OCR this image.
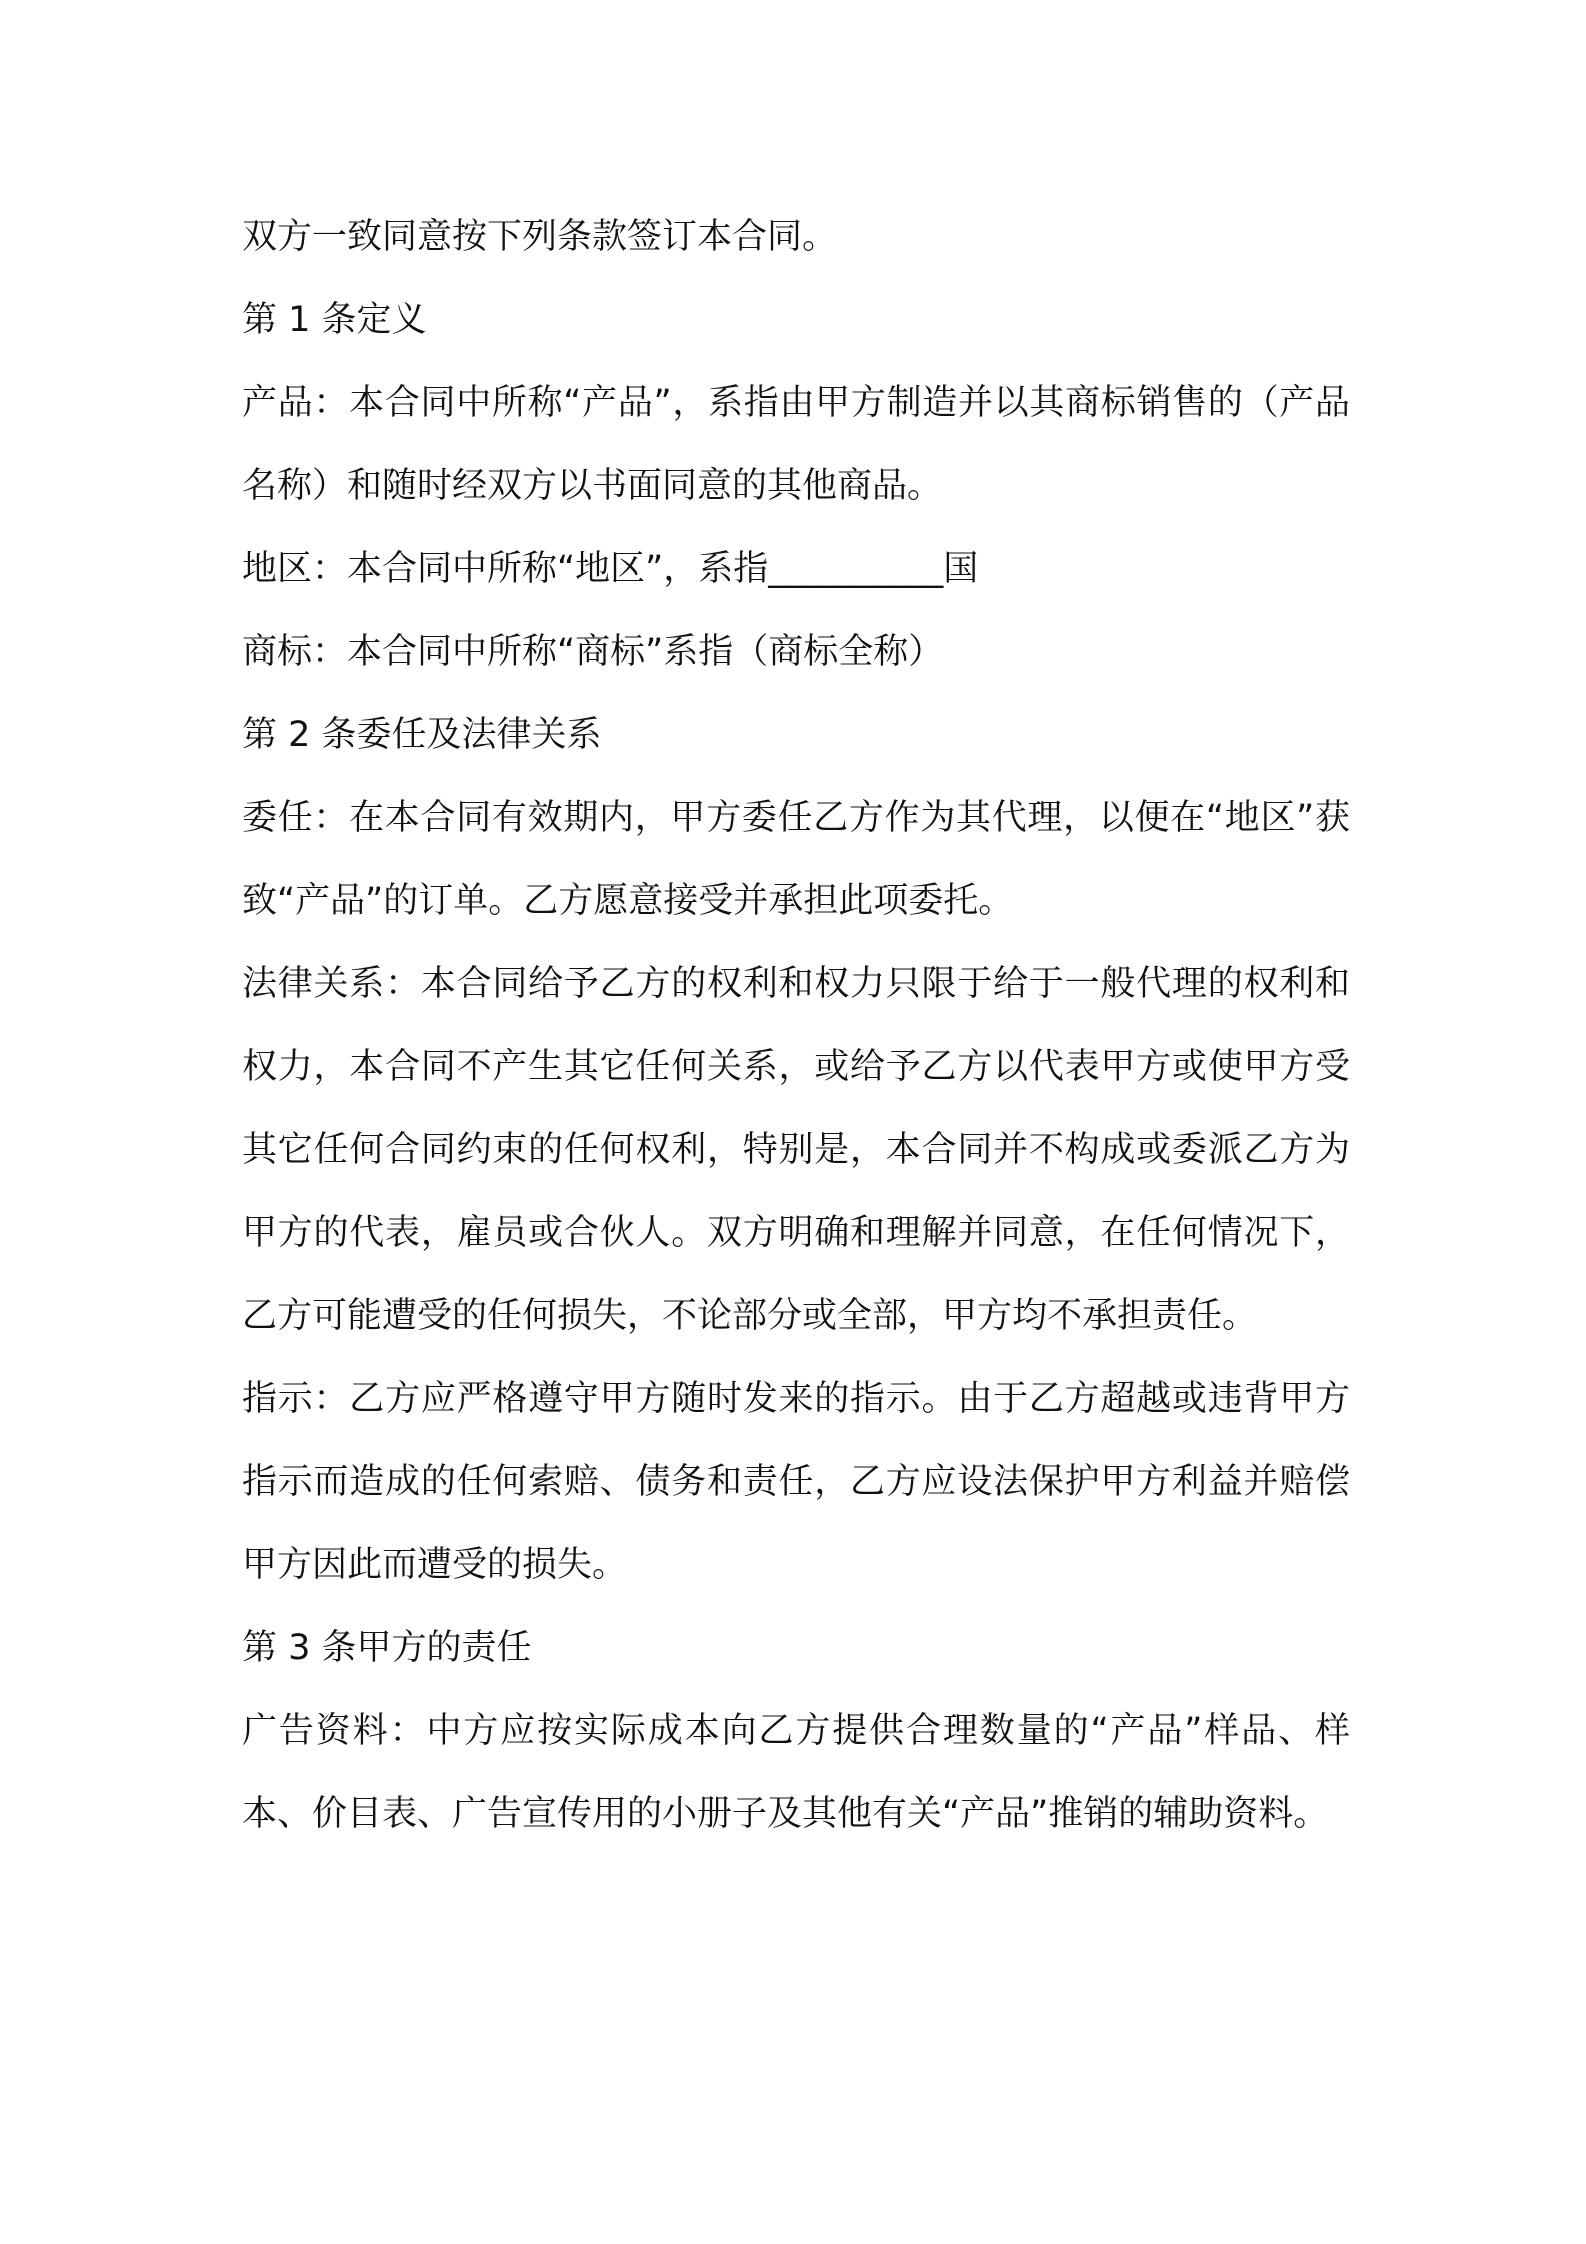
双方一致同意按下列条款签订本合同。

第 1 条定义

产品：本合同中所称“产品”，系指由甲方制造并以其商标销售的（产品名称）和随时经双方以书面同意的其他商品。

地区：本合同中所称“地区”，系指__________国

商标：本合同中所称“商标”系指（商标全称）

第 2 条委任及法律关系

委任：在本合同有效期内，甲方委任乙方作为其代理，以便在“地区”获致“产品”的订单。乙方愿意接受并承担此项委托。

法律关系：本合同给予乙方的权利和权力只限于给于一般代理的权利和权力，本合同不产生其它任何关系，或给予乙方以代表甲方或使甲方受其它任何合同约束的任何权利，特别是，本合同并不构成或委派乙方为甲方的代表，雇员或合伙人。双方明确和理解并同意，在任何情况下，乙方可能遭受的任何损失，不论部分或全部，甲方均不承担责任。

指示：乙方应严格遵守甲方随时发来的指示。由于乙方超越或违背甲方指示而造成的任何索赔、债务和责任，乙方应设法保护甲方利益并赔偿甲方因此而遭受的损失。

第 3 条甲方的责任

广告资料：中方应按实际成本向乙方提供合理数量的“产品”样品、样本、价目表、广告宣传用的小册子及其他有关“产品”推销的辅助资料。
